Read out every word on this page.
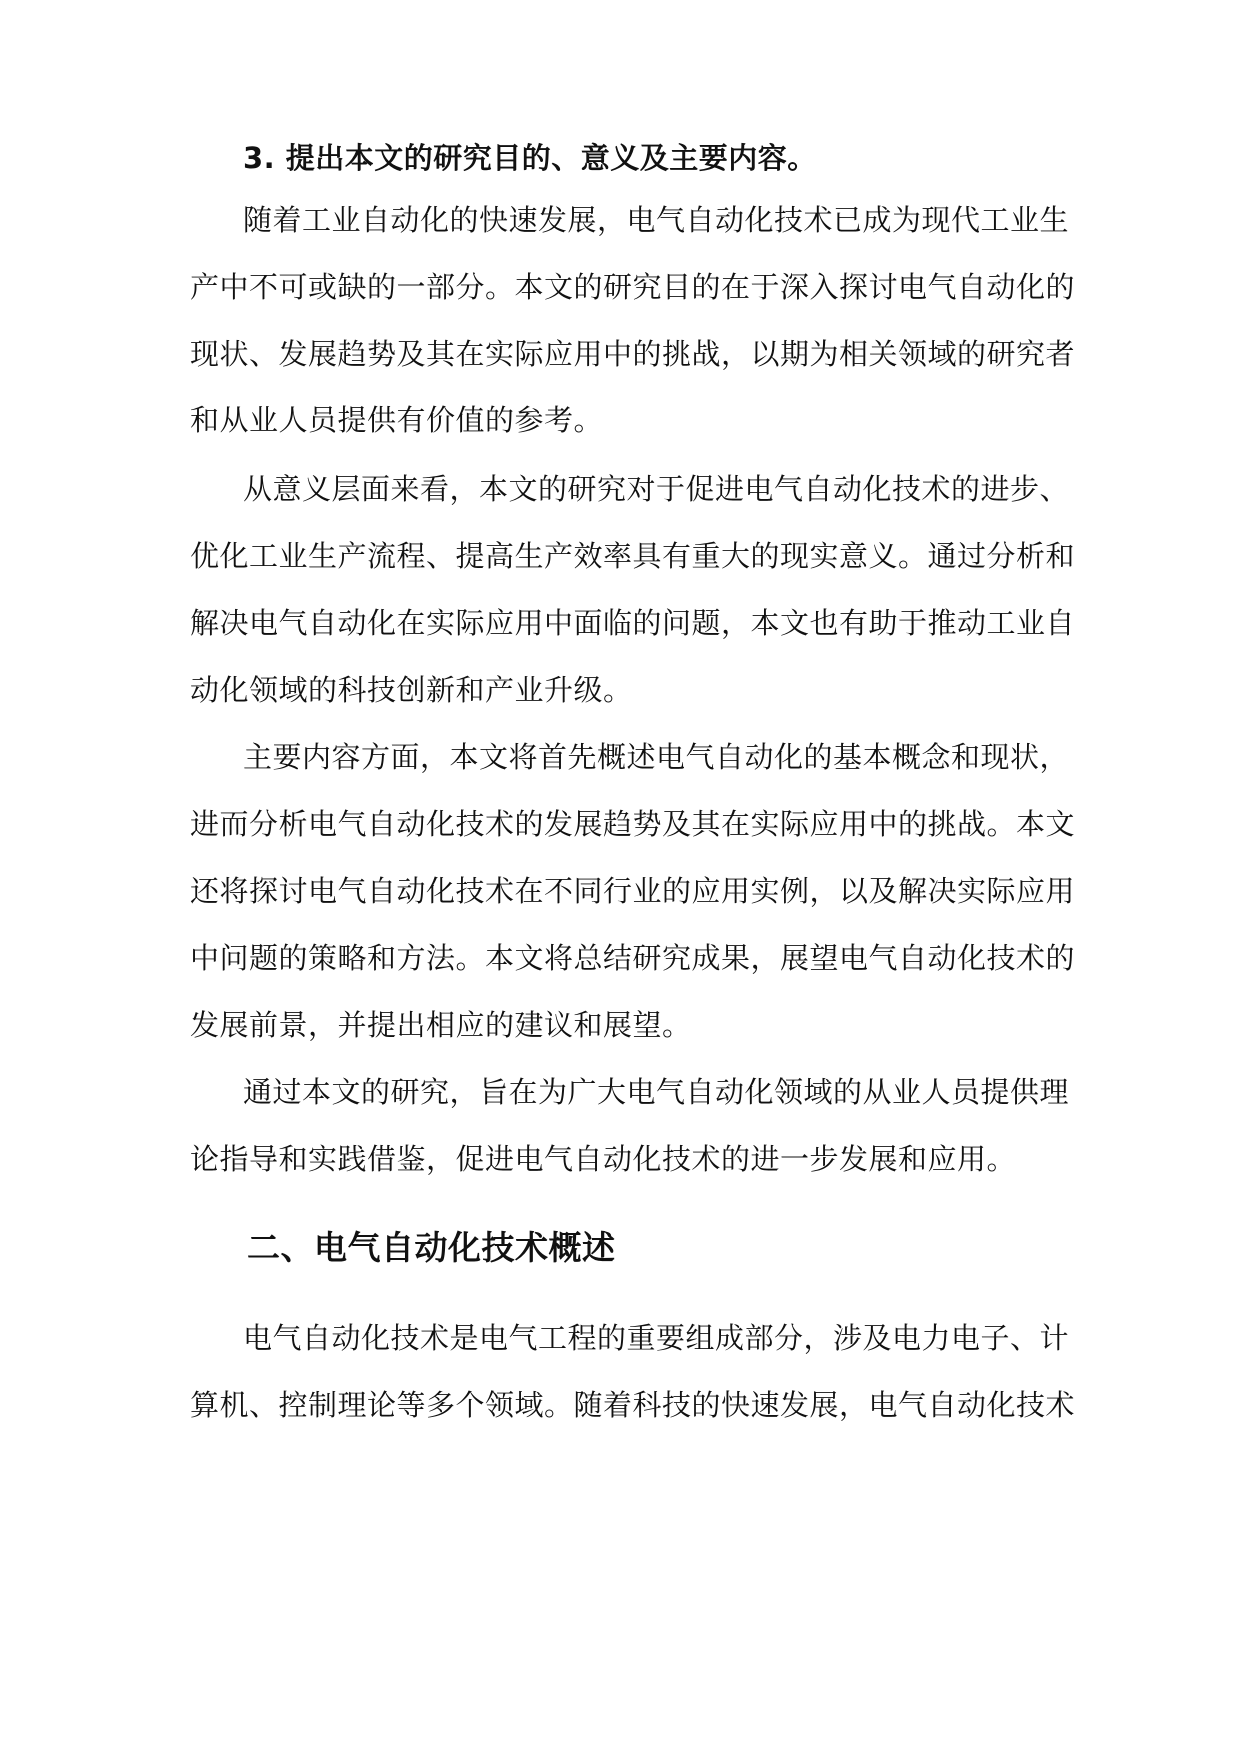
3. 提出本文的研究目的、意义及主要内容。
随着工业自动化的快速发展，电气自动化技术已成为现代工业生
产中不可或缺的一部分。本文的研究目的在于深入探讨电气自动化的
现状、发展趋势及其在实际应用中的挑战，以期为相关领域的研究者
和从业人员提供有价值的参考。
从意义层面来看，本文的研究对于促进电气自动化技术的进步、
优化工业生产流程、提高生产效率具有重大的现实意义。通过分析和
解决电气自动化在实际应用中面临的问题，本文也有助于推动工业自
动化领域的科技创新和产业升级。
主要内容方面，本文将首先概述电气自动化的基本概念和现状，
进而分析电气自动化技术的发展趋势及其在实际应用中的挑战。本文
还将探讨电气自动化技术在不同行业的应用实例，以及解决实际应用
中问题的策略和方法。本文将总结研究成果，展望电气自动化技术的
发展前景，并提出相应的建议和展望。
通过本文的研究，旨在为广大电气自动化领域的从业人员提供理
论指导和实践借鉴，促进电气自动化技术的进一步发展和应用。
二、电气自动化技术概述
电气自动化技术是电气工程的重要组成部分，涉及电力电子、计
算机、控制理论等多个领域。随着科技的快速发展，电气自动化技术
